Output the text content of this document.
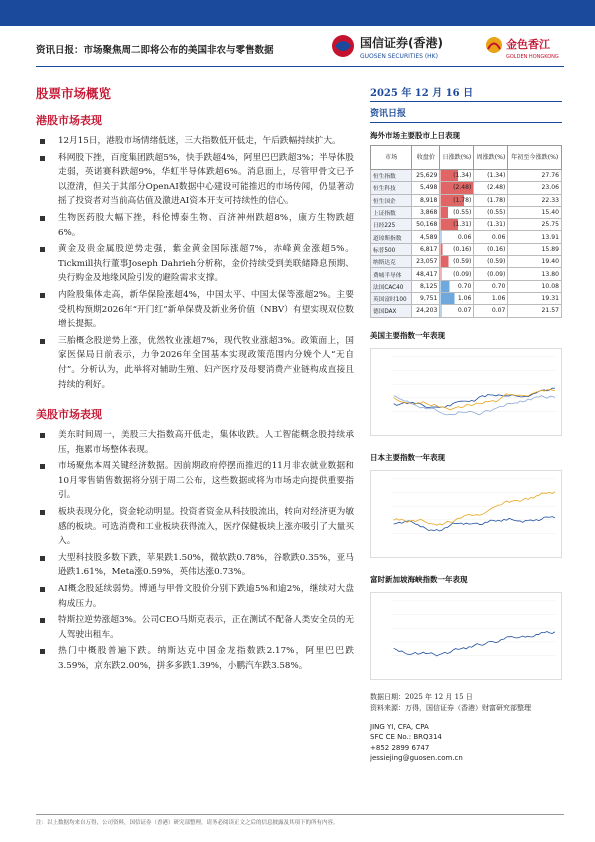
资讯日报：市场聚焦周二即将公布的美国非农与零售数据
国信证券(香港)
GUOSEN SECURITIES (HK)
金色香江
GOLDEN HONGKONG
股票市场概览
港股市场表现
12月15日，港股市场情绪低迷，三大指数低开低走，午后跌幅持续扩大。
科网股下挫，百度集团跌超5%，快手跌超4%，阿里巴巴跌超3%；半导体股走弱，英诺赛科跌超9%，华虹半导体跌超6%。消息面上，尽管甲骨文已予以澄清，但关于其部分OpenAI数据中心建设可能推迟的市场传闻，仍显著动摇了投资者对当前高估值及激进AI资本开支可持续性的信心。
生物医药股大幅下挫，科伦博泰生物、百济神州跌超8%，康方生物跌超6%。
黄金及贵金属股逆势走强，紫金黄金国际涨超7%，赤峰黄金涨超5%。Tickmill执行董事Joseph Dahrieh分析称，金价持续受到美联储降息预期、央行购金及地缘风险引发的避险需求支撑。
内险股集体走高，新华保险涨超4%，中国太平、中国太保等涨超2%。主要受机构预期2026年“开门红”新单保费及新业务价值（NBV）有望实现双位数增长提振。
三胎概念股逆势上涨，优然牧业涨超7%，现代牧业涨超3%。政策面上，国家医保局日前表示，力争2026年全国基本实现政策范围内分娩个人“无自付”。分析认为，此举将对辅助生殖、妇产医疗及母婴消费产业链构成直接且持续的利好。
美股市场表现
美东时间周一，美股三大指数高开低走，集体收跌。人工智能概念股持续承压，拖累市场整体表现。
市场聚焦本周关键经济数据。因前期政府停摆而推迟的11月非农就业数据和10月零售销售数据将分别于周二公布，这些数据或将为市场走向提供重要指引。
板块表现分化，资金轮动明显。投资者资金从科技股流出，转向对经济更为敏感的板块。可选消费和工业板块获得流入，医疗保健板块上涨亦吸引了大量买入。
大型科技股多数下跌，苹果跌1.50%，微软跌0.78%，谷歌跌0.35%，亚马逊跌1.61%，Meta涨0.59%，英伟达涨0.73%。
AI概念股延续弱势。博通与甲骨文股价分别下跌逾5%和逾2%，继续对大盘构成压力。
特斯拉逆势涨超3%。公司CEO马斯克表示，正在测试不配备人类安全员的无人驾驶出租车。
热门中概股普遍下跌。纳斯达克中国金龙指数跌2.17%，阿里巴巴跌3.59%，京东跌2.00%，拼多多跌1.39%，小鹏汽车跌3.58%。
2025 年 12 月 16 日
资讯日报
海外市场主要股市上日表现
市场	收盘价	日涨跌(%)	周涨跌(%)	年初至今涨跌(%)
恒生指数	25,629	(1.34)	(1.34)	27.76
恒生科技	5,498	(2.48)	(2.48)	23.06
恒生国企	8,918	(1.78)	(1.78)	22.33
上证指数	3,868	(0.55)	(0.55)	15.40
日经225	50,168	(1.31)	(1.31)	25.75
道琼斯指数	4,589	0.06	0.06	13.91
标普500	6,817	(0.16)	(0.16)	15.89
纳斯达克	23,057	(0.59)	(0.59)	19.40
费城半导体	48,417	(0.09)	(0.09)	13.80
法国CAC40	8,125	0.70	0.70	10.08
英国富时100	9,751	1.06	1.06	19.31
德国DAX	24,203	0.07	0.07	21.57
美国主要指数一年表现
日本主要指数一年表现
富时新加坡海峡指数一年表现
数据日期：2025 年 12 月 15 日
资料来源：万得，国信证券（香港）财富研究部整理
JING YI, CFA, CPA
SFC CE No.: BRQ314
+852 2899 6747
jessiejing@guosen.com.cn
注：以上数据均来自万得，公司资料，国信证券（香港）研究部整理，请务必阅读正文之后的信息披露及其项下的所有内容。
